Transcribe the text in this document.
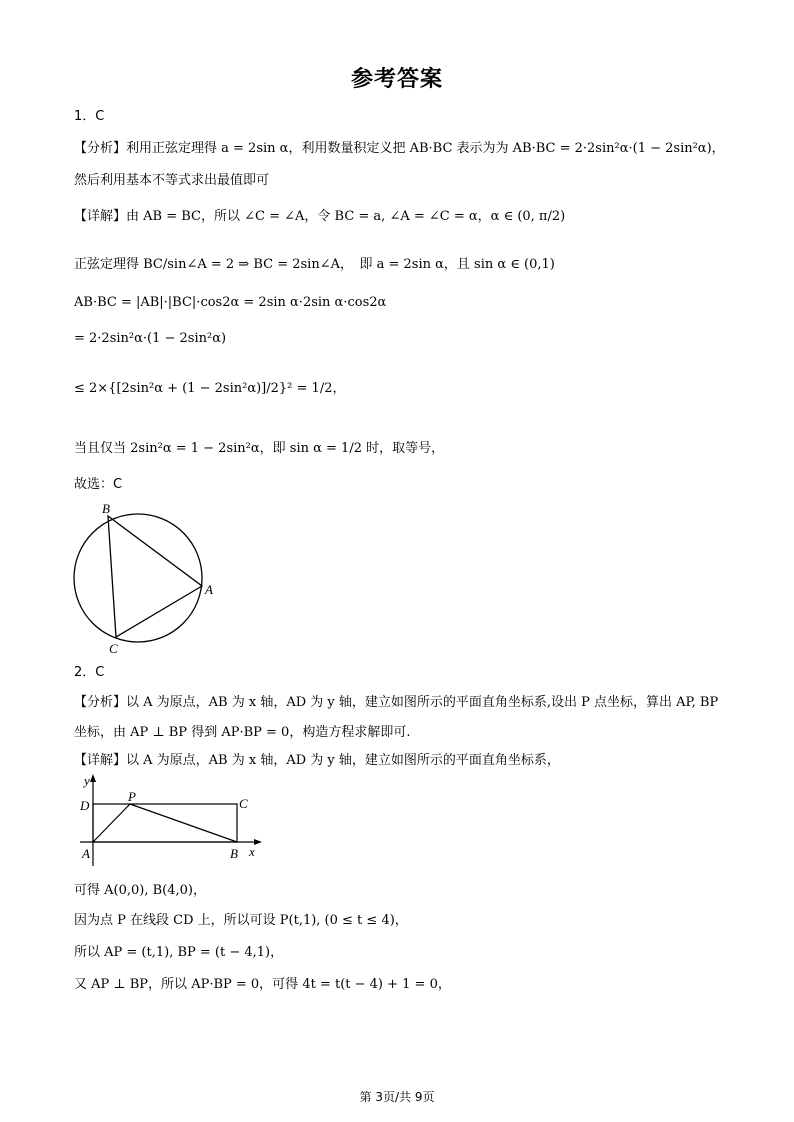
参考答案
1．C
【分析】利用正弦定理得 a = 2sin α，利用数量积定义把 AB·BC 表示为为 AB·BC = 2·2sin²α·(1 − 2sin²α)，
然后利用基本不等式求出最值即可
【详解】由 AB = BC，所以 ∠C = ∠A，令 BC = a, ∠A = ∠C = α，α ∈ (0, π/2)
正弦定理得 BC/sin∠A = 2 ⇒ BC = 2sin∠A，　即 a = 2sin α，且 sin α ∈ (0,1)
AB·BC = |AB|·|BC|·cos2α = 2sin α·2sin α·cos2α
= 2·2sin²α·(1 − 2sin²α)
≤ 2×{[2sin²α + (1 − 2sin²α)]/2}² = 1/2，
当且仅当 2sin²α = 1 − 2sin²α，即 sin α = 1/2 时，取等号，
故选：C
B
A
C
2．C
【分析】以 A 为原点，AB 为 x 轴，AD 为 y 轴，建立如图所示的平面直角坐标系,设出 P 点坐标，算出 AP, BP
坐标，由 AP ⊥ BP 得到 AP·BP = 0，构造方程求解即可.
【详解】以 A 为原点，AB 为 x 轴，AD 为 y 轴，建立如图所示的平面直角坐标系，
y
D
P	C
A	B x
可得 A(0,0), B(4,0)，
因为点 P 在线段 CD 上，所以可设 P(t,1), (0 ≤ t ≤ 4)，
所以 AP = (t,1), BP = (t − 4,1)，
又 AP ⊥ BP，所以 AP·BP = 0，可得 4t = t(t − 4) + 1 = 0，
第 3页/共 9页
